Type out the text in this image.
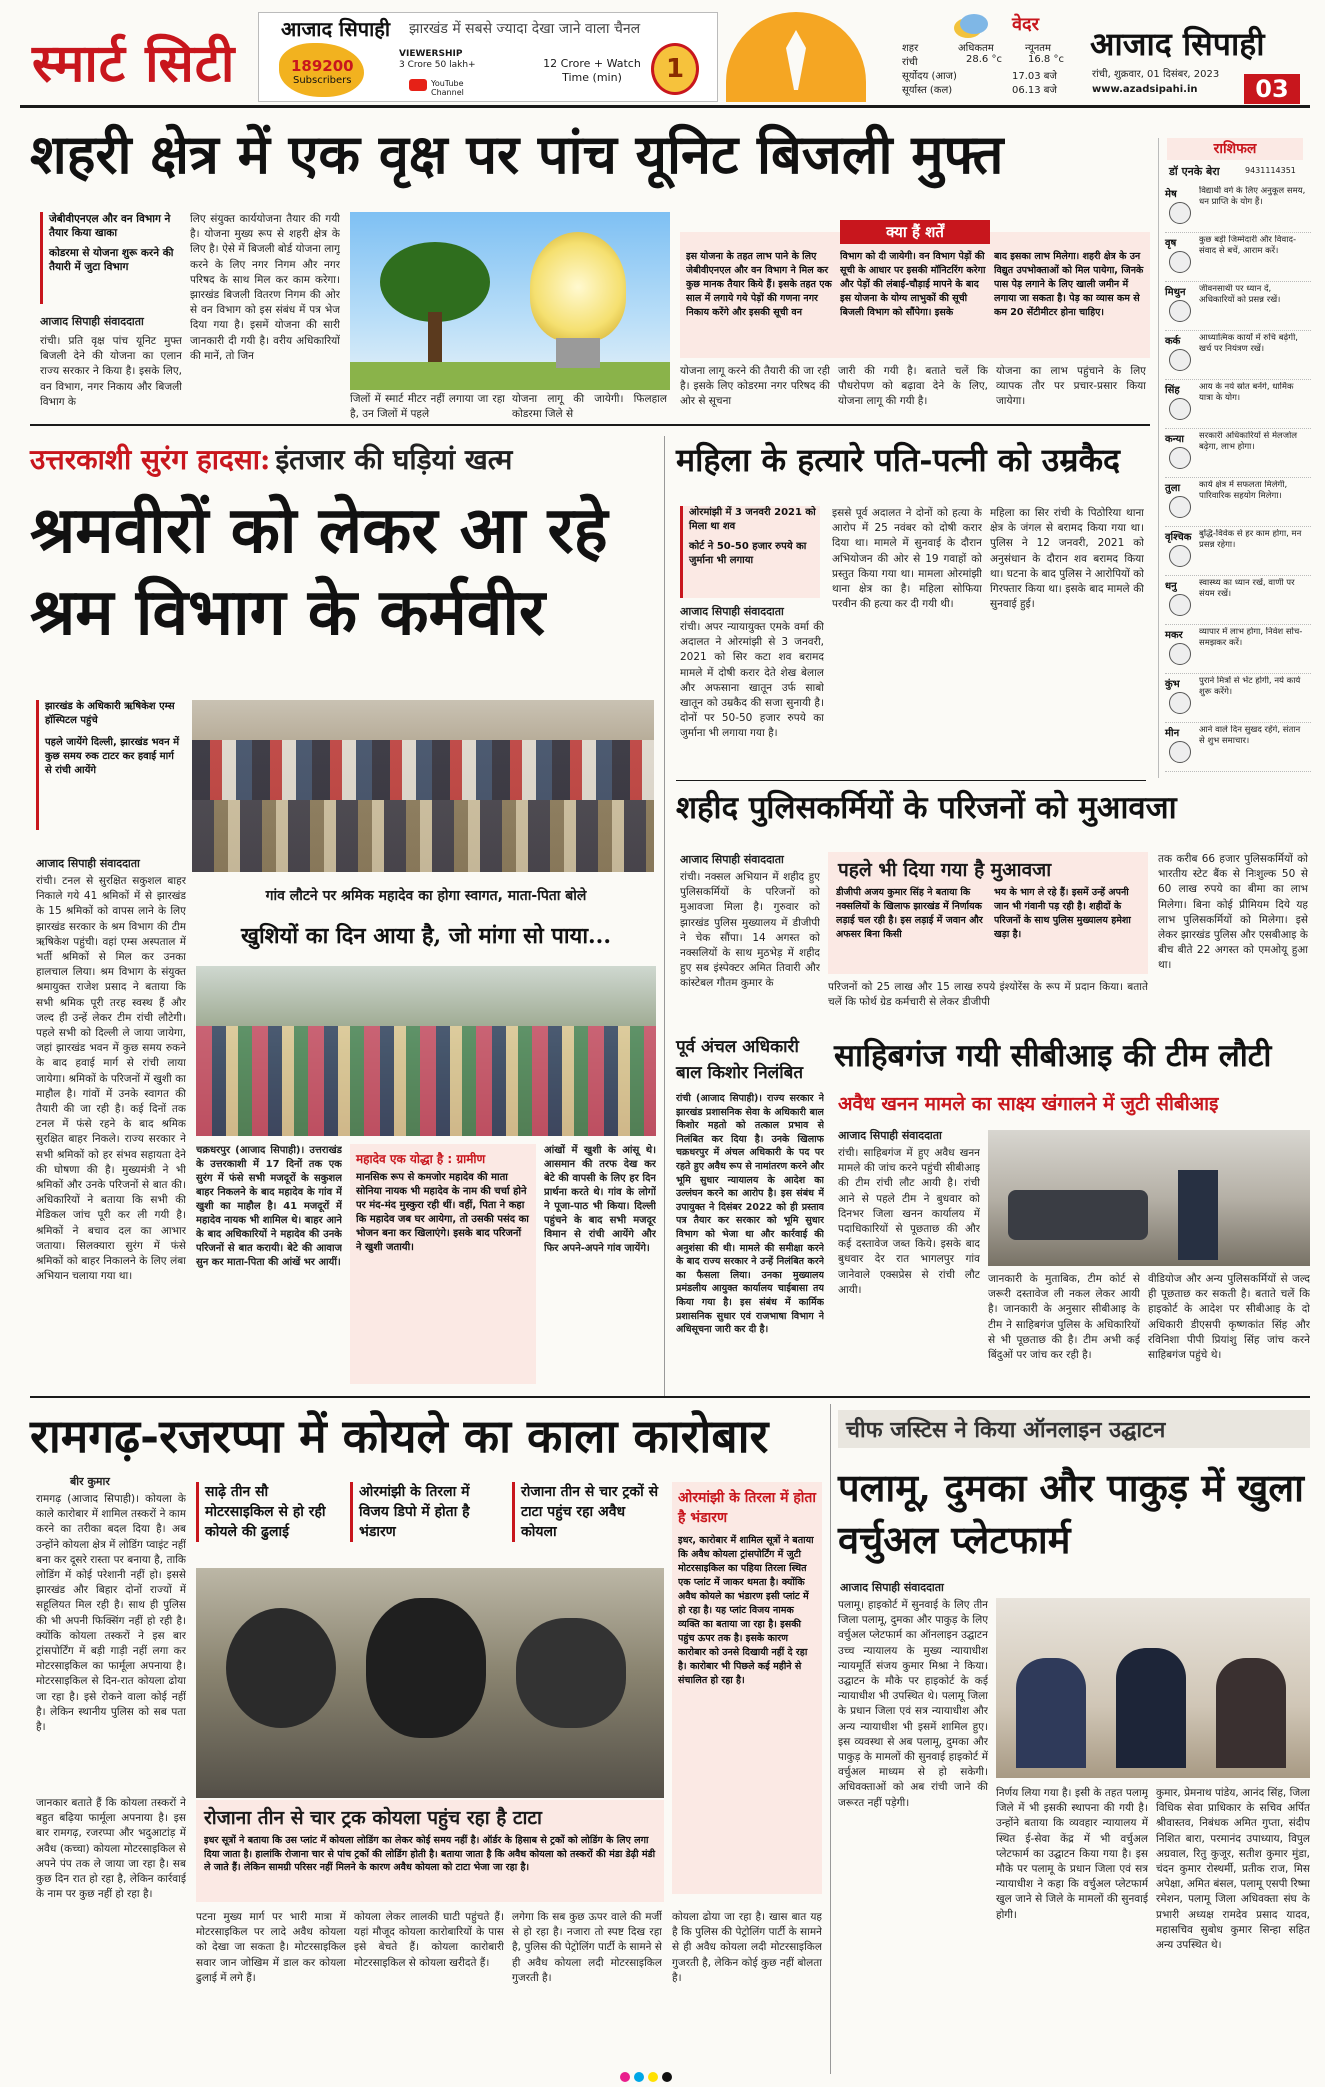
स्मार्ट सिटी
आजाद सिपाही झारखंड में सबसे ज्यादा देखा जाने वाला चैनल
189200
Subscribers
VIEWERSHIP
3 Crore 50 lakh+
YouTube Channel
12 Crore + Watch Time (min)	1
वेदर
शहर	अधिकतम	न्यूनतम
रांची	28.6 °c	16.8 °c
सूर्योदय (आज)	17.03 बजे
सूर्यास्त (कल)	06.13 बजे
आजाद सिपाही
रांची, शुक्रवार, 01 दिसंबर, 2023
www.azadsipahi.in	03
शहरी क्षेत्र में एक वृक्ष पर पांच यूनिट बिजली मुफ्त
जेबीवीएनएल और वन विभाग ने तैयार किया खाका
कोडरमा से योजना शुरू करने की तैयारी में जुटा विभाग
आजाद सिपाही संवाददाता
रांची। प्रति वृक्ष पांच यूनिट मुफ्त बिजली देने की योजना का एलान राज्य सरकार ने किया है। इसके लिए, वन विभाग, नगर निकाय और बिजली विभाग के
लिए संयुक्त कार्ययोजना तैयार की गयी है। योजना मुख्य रूप से शहरी क्षेत्र के लिए है। ऐसे में बिजली बोर्ड योजना लागू करने के लिए नगर निगम और नगर परिषद के साथ मिल कर काम करेगा। झारखंड बिजली वितरण निगम की ओर से वन विभाग को इस संबंध में पत्र भेज दिया गया है। इसमें योजना की सारी जानकारी दी गयी है। वरीय अधिकारियों की मानें, तो जिन
जिलों में स्मार्ट मीटर नहीं लगाया जा रहा है, उन जिलों में पहले
योजना लागू की जायेगी। फिलहाल कोडरमा जिले से
क्या हैं शर्तें
इस योजना के तहत लाभ पाने के लिए जेबीवीएनएल और वन विभाग ने मिल कर कुछ मानक तैयार किये हैं। इसके तहत एक साल में लगाये गये पेड़ों की गणना नगर निकाय करेंगे और इसकी सूची वन
विभाग को दी जायेगी। वन विभाग पेड़ों की सूची के आधार पर इसकी मॉनिटरिंग करेगा और पेड़ों की लंबाई-चौड़ाई मापने के बाद इस योजना के योग्य लाभुकों की सूची बिजली विभाग को सौंपेगा। इसके
बाद इसका लाभ मिलेगा। शहरी क्षेत्र के उन विद्युत उपभोक्ताओं को मिल पायेगा, जिनके पास पेड़ लगाने के लिए खाली जमीन में लगाया जा सकता है। पेड़ का व्यास कम से कम 20 सेंटीमीटर होना चाहिए।
योजना लागू करने की तैयारी की जा रही है। इसके लिए कोडरमा नगर परिषद की ओर से सूचना
जारी की गयी है। बताते चलें कि पौधरोपण को बढ़ावा देने के लिए, योजना लागू की गयी है।
योजना का लाभ पहुंचाने के लिए व्यापक तौर पर प्रचार-प्रसार किया जायेगा।
राशिफल
डॉ एनके बेरा	9431114351
मेष	विद्यार्थी वर्ग के लिए अनुकूल समय, धन प्राप्ति के योग हैं।
वृष	कुछ बड़ी जिम्मेदारी और विवाद-संवाद से बचें, आराम करें।
मिथुन	जीवनसाथी पर ध्यान दें, अधिकारियों को प्रसन्न रखें।
कर्क	आध्यात्मिक कार्यों में रुचि बढ़ेगी, खर्च पर नियंत्रण रखें।
सिंह	आय के नये स्रोत बनेंगे, धार्मिक यात्रा के योग।
कन्या	सरकारी अधिकारियों से मेलजोल बढ़ेगा, लाभ होगा।
तुला	कार्य क्षेत्र में सफलता मिलेगी, पारिवारिक सहयोग मिलेगा।
वृश्चिक बुद्धि-विवेक से हर काम होगा, मन प्रसन्न रहेगा।
धनु	स्वास्थ्य का ध्यान रखें, वाणी पर संयम रखें।
मकर	व्यापार में लाभ होगा, निवेश सोच-समझकर करें।
कुंभ	पुराने मित्रों से भेंट होगी, नये कार्य शुरू करेंगे।
मीन	आने वाले दिन सुखद रहेंगे, संतान से शुभ समाचार।
उत्तरकाशी सुरंग हादसा: इंतजार की घड़ियां खत्म
श्रमवीरों को लेकर आ रहे श्रम विभाग के कर्मवीर
झारखंड के अधिकारी ऋषिकेश एम्स हॉस्पिटल पहुंचे
पहले जायेंगे दिल्ली, झारखंड भवन में कुछ समय रुक टाटर कर हवाई मार्ग से रांची आयेंगे
आजाद सिपाही संवाददाता
रांची। टनल से सुरक्षित सकुशल बाहर निकाले गये 41 श्रमिकों में से झारखंड के 15 श्रमिकों को वापस लाने के लिए झारखंड सरकार के श्रम विभाग की टीम ऋषिकेश पहुंची। वहां एम्स अस्पताल में भर्ती श्रमिकों से मिल कर उनका हालचाल लिया। श्रम विभाग के संयुक्त श्रमायुक्त राजेश प्रसाद ने बताया कि सभी श्रमिक पूरी तरह स्वस्थ हैं और जल्द ही उन्हें लेकर टीम रांची लौटेगी। पहले सभी को दिल्ली ले जाया जायेगा, जहां झारखंड भवन में कुछ समय रुकने के बाद हवाई मार्ग से रांची लाया जायेगा। श्रमिकों के परिजनों में खुशी का माहौल है। गांवों में उनके स्वागत की तैयारी की जा रही है। कई दिनों तक टनल में फंसे रहने के बाद श्रमिक सुरक्षित बाहर निकले। राज्य सरकार ने सभी श्रमिकों को हर संभव सहायता देने की घोषणा की है। मुख्यमंत्री ने भी श्रमिकों और उनके परिजनों से बात की। अधिकारियों ने बताया कि सभी की मेडिकल जांच पूरी कर ली गयी है। श्रमिकों ने बचाव दल का आभार जताया। सिलक्यारा सुरंग में फंसे श्रमिकों को बाहर निकालने के लिए लंबा अभियान चलाया गया था।
गांव लौटने पर श्रमिक महादेव का होगा स्वागत, माता-पिता बोले
खुशियों का दिन आया है, जो मांगा सो पाया...
चक्रधरपुर (आजाद सिपाही)। उत्तराखंड के उत्तरकाशी में 17 दिनों तक एक सुरंग में फंसे सभी मजदूरों के सकुशल बाहर निकलने के बाद महादेव के गांव में खुशी का माहौल है। 41 मजदूरों में महादेव नायक भी शामिल थे। बाहर आने के बाद अधिकारियों ने महादेव की उनके परिजनों से बात करायी। बेटे की आवाज सुन कर माता-पिता की आंखें भर आयीं।
महादेव एक योद्धा है : ग्रामीण
मानसिक रूप से कमजोर महादेव की माता सोनिया नायक भी महादेव के नाम की चर्चा होने पर मंद-मंद मुस्कुरा रही थीं। वहीं, पिता ने कहा कि महादेव जब घर आयेगा, तो उसकी पसंद का भोजन बना कर खिलाएंगे। इसके बाद परिजनों ने खुशी जतायी।
आंखों में खुशी के आंसू थे। आसमान की तरफ देख कर बेटे की वापसी के लिए हर दिन प्रार्थना करते थे। गांव के लोगों ने पूजा-पाठ भी किया। दिल्ली पहुंचने के बाद सभी मजदूर विमान से रांची आयेंगे और फिर अपने-अपने गांव जायेंगे।
महिला के हत्यारे पति-पत्नी को उम्रकैद
ओरमांझी में 3 जनवरी 2021 को मिला था शव
कोर्ट ने 50-50 हजार रुपये का जुर्माना भी लगाया
आजाद सिपाही संवाददाता
रांची। अपर न्यायायुक्त एमके वर्मा की अदालत ने ओरमांझी से 3 जनवरी, 2021 को सिर कटा शव बरामद मामले में दोषी करार देते शेख बेलाल और अफसाना खातून उर्फ साबो खातून को उम्रकैद की सजा सुनायी है। दोनों पर 50-50 हजार रुपये का जुर्माना भी लगाया गया है।
इससे पूर्व अदालत ने दोनों को हत्या के आरोप में 25 नवंबर को दोषी करार दिया था। मामले में सुनवाई के दौरान अभियोजन की ओर से 19 गवाहों को प्रस्तुत किया गया था। मामला ओरमांझी थाना क्षेत्र का है। महिला सोफिया परवीन की हत्या कर दी गयी थी।
महिला का सिर रांची के पिठोरिया थाना क्षेत्र के जंगल से बरामद किया गया था। पुलिस ने 12 जनवरी, 2021 को अनुसंधान के दौरान शव बरामद किया था। घटना के बाद पुलिस ने आरोपियों को गिरफ्तार किया था। इसके बाद मामले की सुनवाई हुई।
शहीद पुलिसकर्मियों के परिजनों को मुआवजा
आजाद सिपाही संवाददाता
रांची। नक्सल अभियान में शहीद हुए पुलिसकर्मियों के परिजनों को मुआवजा मिला है। गुरुवार को झारखंड पुलिस मुख्यालय में डीजीपी ने चेक सौंपा। 14 अगस्त को नक्सलियों के साथ मुठभेड़ में शहीद हुए सब इंस्पेक्टर अमित तिवारी और कांस्टेबल गौतम कुमार के
पहले भी दिया गया है मुआवजा
डीजीपी अजय कुमार सिंह ने बताया कि नक्सलियों के खिलाफ झारखंड में निर्णायक लड़ाई चल रही है। इस लड़ाई में जवान और अफसर बिना किसी
भय के भाग ले रहे हैं। इसमें उन्हें अपनी जान भी गंवानी पड़ रही है। शहीदों के परिजनों के साथ पुलिस मुख्यालय हमेशा खड़ा है।
परिजनों को 25 लाख और 15 लाख रुपये इंश्योरेंस के रूप में प्रदान किया। बताते चलें कि फोर्थ ग्रेड कर्मचारी से लेकर डीजीपी
तक करीब 66 हजार पुलिसकर्मियों को भारतीय स्टेट बैंक से निःशुल्क 50 से 60 लाख रुपये का बीमा का लाभ मिलेगा। बिना कोई प्रीमियम दिये यह लाभ पुलिसकर्मियों को मिलेगा। इसे लेकर झारखंड पुलिस और एसबीआइ के बीच बीते 22 अगस्त को एमओयू हुआ था।
पूर्व अंचल अधिकारी बाल किशोर निलंबित
रांची (आजाद सिपाही)। राज्य सरकार ने झारखंड प्रशासनिक सेवा के अधिकारी बाल किशोर महतो को तत्काल प्रभाव से निलंबित कर दिया है। उनके खिलाफ चक्रधरपुर में अंचल अधिकारी के पद पर रहते हुए अवैध रूप से नामांतरण करने और भूमि सुधार न्यायालय के आदेश का उल्लंघन करने का आरोप है। इस संबंध में उपायुक्त ने दिसंबर 2022 को ही प्रस्ताव पत्र तैयार कर सरकार को भूमि सुधार विभाग को भेजा था और कार्रवाई की अनुशंसा की थी। मामले की समीक्षा करने के बाद राज्य सरकार ने उन्हें निलंबित करने का फैसला लिया। उनका मुख्यालय प्रमंडलीय आयुक्त कार्यालय चाईबासा तय किया गया है। इस संबंध में कार्मिक प्रशासनिक सुधार एवं राजभाषा विभाग ने अधिसूचना जारी कर दी है।
साहिबगंज गयी सीबीआइ की टीम लौटी
अवैध खनन मामले का साक्ष्य खंगालने में जुटी सीबीआइ
आजाद सिपाही संवाददाता
रांची। साहिबगंज में हुए अवैध खनन मामले की जांच करने पहुंची सीबीआइ की टीम रांची लौट आयी है। रांची आने से पहले टीम ने बुधवार को दिनभर जिला खनन कार्यालय में पदाधिकारियों से पूछताछ की और कई दस्तावेज जब्त किये। इसके बाद बुधवार देर रात भागलपुर गांव जानेवाले एक्सप्रेस से रांची लौट आयी।
जानकारी के मुताबिक, टीम कोर्ट से जरूरी दस्तावेज ली नकल लेकर आयी है। जानकारी के अनुसार सीबीआइ के टीम ने साहिबगंज पुलिस के अधिकारियों से भी पूछताछ की है। टीम अभी कई बिंदुओं पर जांच कर रही है।
वीडियोज और अन्य पुलिसकर्मियों से जल्द ही पूछताछ कर सकती है। बताते चलें कि हाइकोर्ट के आदेश पर सीबीआइ के दो अधिकारी डीएसपी कृष्णकांत सिंह और रविनिशा पीपी प्रियांशु सिंह जांच करने साहिबगंज पहुंचे थे।
रामगढ़-रजरप्पा में कोयले का काला कारोबार
बीर कुमार
रामगढ़ (आजाद सिपाही)। कोयला के काले कारोबार में शामिल तस्करों ने काम करने का तरीका बदल दिया है। अब उन्होंने कोयला क्षेत्र में लोडिंग प्वाइंट नहीं बना कर दूसरे रास्ता पर बनाया है, ताकि लोडिंग में कोई परेशानी नहीं हो। इससे झारखंड और बिहार दोनों राज्यों में सहूलियत मिल रही है। साथ ही पुलिस की भी अपनी फिक्सिंग नहीं हो रही है। क्योंकि कोयला तस्करों ने इस बार ट्रांसपोर्टिंग में बड़ी गाड़ी नहीं लगा कर मोटरसाइकिल का फार्मूला अपनाया है। मोटरसाइकिल से दिन-रात कोयला ढोया जा रहा है। इसे रोकने वाला कोई नहीं है। लेकिन स्थानीय पुलिस को सब पता है।
जानकार बताते हैं कि कोयला तस्करों ने बहुत बढ़िया फार्मूला अपनाया है। इस बार रामगढ़, रजरप्पा और भदुआटांड़ में अवैध (कच्चा) कोयला मोटरसाइकिल से अपने पंप तक ले जाया जा रहा है। सब कुछ दिन रात हो रहा है, लेकिन कार्रवाई के नाम पर कुछ नहीं हो रहा है।
साढ़े तीन सौ मोटरसाइकिल से हो रही कोयले की ढुलाई
ओरमांझी के तिरला में विजय डिपो में होता है भंडारण
रोजाना तीन से चार ट्रकों से टाटा पहुंच रहा अवैध कोयला
रोजाना तीन से चार ट्रक कोयला पहुंच रहा है टाटा
इधर सूत्रों ने बताया कि उस प्लांट में कोयला लोडिंग का लेकर कोई समय नहीं है। ऑर्डर के हिसाब से ट्रकों को लोडिंग के लिए लगा दिया जाता है। हालांकि रोजाना चार से पांच ट्रकों की लोडिंग होती है। बताया जाता है कि अवैध कोयला को तस्करों की मंडा डेढ़ी मंडी ले जाते हैं। लेकिन सामग्री परिसर नहीं मिलने के कारण अवैध कोयला को टाटा भेजा जा रहा है।
पटना मुख्य मार्ग पर भारी मात्रा में मोटरसाइकिल पर लादे अवैध कोयला को देखा जा सकता है। मोटरसाइकिल सवार जान जोखिम में डाल कर कोयला ढुलाई में लगे हैं।
कोयला लेकर लालकी घाटी पहुंचते हैं। यहां मौजूद कोयला कारोबारियों के पास इसे बेचते हैं। कोयला कारोबारी मोटरसाइकिल से कोयला खरीदते हैं।
लगेगा कि सब कुछ ऊपर वाले की मर्जी से हो रहा है। नजारा तो स्पष्ट दिख रहा है, पुलिस की पेट्रोलिंग पार्टी के सामने से ही अवैध कोयला लदी मोटरसाइकिल गुजरती है।
ओरमांझी के तिरला में होता है भंडारण
इधर, कारोबार में शामिल सूत्रों ने बताया कि अवैध कोयला ट्रांसपोर्टिंग में जुटी मोटरसाइकिल का पहिया तिरला स्थित एक प्लांट में जाकर थमता है। क्योंकि अवैध कोयले का भंडारण इसी प्लांट में हो रहा है। यह प्लांट विजय नामक व्यक्ति का बताया जा रहा है। इसकी पहुंच ऊपर तक है। इसके कारण कारोबार को उनसे दिखायी नहीं दे रहा है। कारोबार भी पिछले कई महीने से संचालित हो रहा है।
कोयला ढोया जा रहा है। खास बात यह है कि पुलिस की पेट्रोलिंग पार्टी के सामने से ही अवैध कोयला लदी मोटरसाइकिल गुजरती है, लेकिन कोई कुछ नहीं बोलता है।
चीफ जस्टिस ने किया ऑनलाइन उद्घाटन
पलामू, दुमका और पाकुड़ में खुला वर्चुअल प्लेटफार्म
आजाद सिपाही संवाददाता
पलामू। हाइकोर्ट में सुनवाई के लिए तीन जिला पलामू, दुमका और पाकुड़ के लिए वर्चुअल प्लेटफार्म का ऑनलाइन उद्घाटन उच्च न्यायालय के मुख्य न्यायाधीश न्यायमूर्ति संजय कुमार मिश्रा ने किया। उद्घाटन के मौके पर हाइकोर्ट के कई न्यायाधीश भी उपस्थित थे। पलामू जिला के प्रधान जिला एवं सत्र न्यायाधीश और अन्य न्यायाधीश भी इसमें शामिल हुए। इस व्यवस्था से अब पलामू, दुमका और पाकुड़ के मामलों की सुनवाई हाइकोर्ट में वर्चुअल माध्यम से हो सकेगी। अधिवक्ताओं को अब रांची जाने की जरूरत नहीं पड़ेगी।
निर्णय लिया गया है। इसी के तहत पलामू जिले में भी इसकी स्थापना की गयी है। उन्होंने बताया कि व्यवहार न्यायालय में स्थित ई-सेवा केंद्र में भी वर्चुअल प्लेटफार्म का उद्घाटन किया गया है। इस मौके पर पलामू के प्रधान जिला एवं सत्र न्यायाधीश ने कहा कि वर्चुअल प्लेटफार्म खुल जाने से जिले के मामलों की सुनवाई होगी।
कुमार, प्रेमनाथ पांडेय, आनंद सिंह, जिला विधिक सेवा प्राधिकार के सचिव अर्पित श्रीवास्तव, निबंधक अमित गुप्ता, संदीप निशित बारा, परमानंद उपाध्याय, विपुल अग्रवाल, रितु कुजूर, सतीश कुमार मुंडा, चंदन कुमार रोस्थर्मी, प्रतीक राज, मिस अपेक्षा, अमित बंसल, पलामू एसपी रिष्मा रमेशन, पलामू जिला अधिवक्ता संघ के प्रभारी अध्यक्ष रामदेव प्रसाद यादव, महासचिव सुबोध कुमार सिन्हा सहित अन्य उपस्थित थे।
